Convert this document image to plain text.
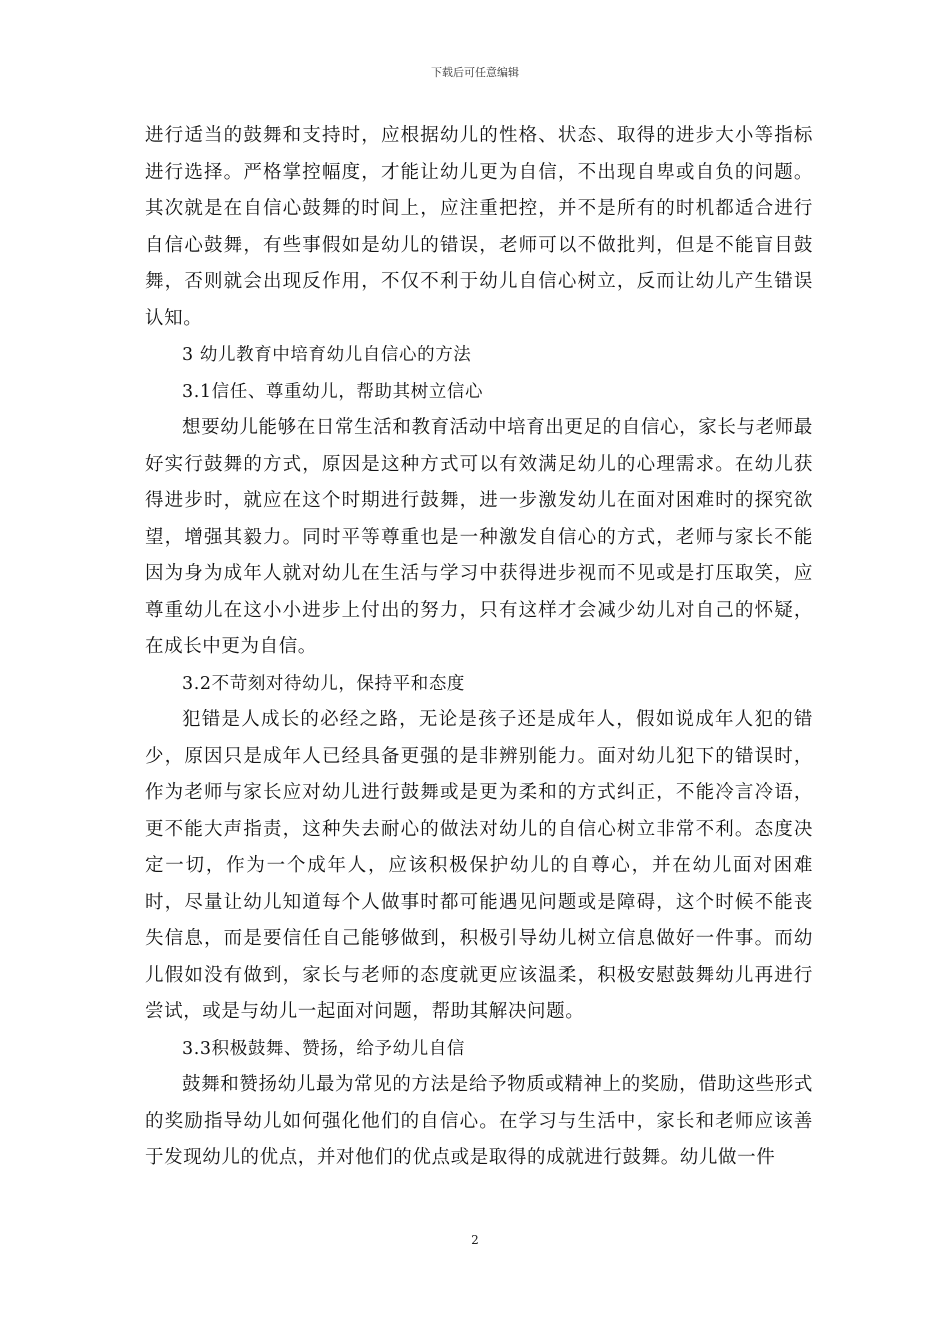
下载后可任意编辑

进行适当的鼓舞和支持时，应根据幼儿的性格、状态、取得的进步大小等指标进行选择。严格掌控幅度，才能让幼儿更为自信，不出现自卑或自负的问题。其次就是在自信心鼓舞的时间上，应注重把控，并不是所有的时机都适合进行自信心鼓舞，有些事假如是幼儿的错误，老师可以不做批判，但是不能盲目鼓舞，否则就会出现反作用，不仅不利于幼儿自信心树立，反而让幼儿产生错误认知。

3 幼儿教育中培育幼儿自信心的方法

3.1信任、尊重幼儿，帮助其树立信心

想要幼儿能够在日常生活和教育活动中培育出更足的自信心，家长与老师最好实行鼓舞的方式，原因是这种方式可以有效满足幼儿的心理需求。在幼儿获得进步时，就应在这个时期进行鼓舞，进一步激发幼儿在面对困难时的探究欲望，增强其毅力。同时平等尊重也是一种激发自信心的方式，老师与家长不能因为身为成年人就对幼儿在生活与学习中获得进步视而不见或是打压取笑，应尊重幼儿在这小小进步上付出的努力，只有这样才会减少幼儿对自己的怀疑，在成长中更为自信。

3.2不苛刻对待幼儿，保持平和态度

犯错是人成长的必经之路，无论是孩子还是成年人，假如说成年人犯的错少，原因只是成年人已经具备更强的是非辨别能力。面对幼儿犯下的错误时，作为老师与家长应对幼儿进行鼓舞或是更为柔和的方式纠正，不能冷言冷语，更不能大声指责，这种失去耐心的做法对幼儿的自信心树立非常不利。态度决定一切，作为一个成年人，应该积极保护幼儿的自尊心，并在幼儿面对困难时，尽量让幼儿知道每个人做事时都可能遇见问题或是障碍，这个时候不能丧失信息，而是要信任自己能够做到，积极引导幼儿树立信息做好一件事。而幼儿假如没有做到，家长与老师的态度就更应该温柔，积极安慰鼓舞幼儿再进行尝试，或是与幼儿一起面对问题，帮助其解决问题。

3.3积极鼓舞、赞扬，给予幼儿自信

鼓舞和赞扬幼儿最为常见的方法是给予物质或精神上的奖励，借助这些形式的奖励指导幼儿如何强化他们的自信心。在学习与生活中，家长和老师应该善于发现幼儿的优点，并对他们的优点或是取得的成就进行鼓舞。幼儿做一件

2
